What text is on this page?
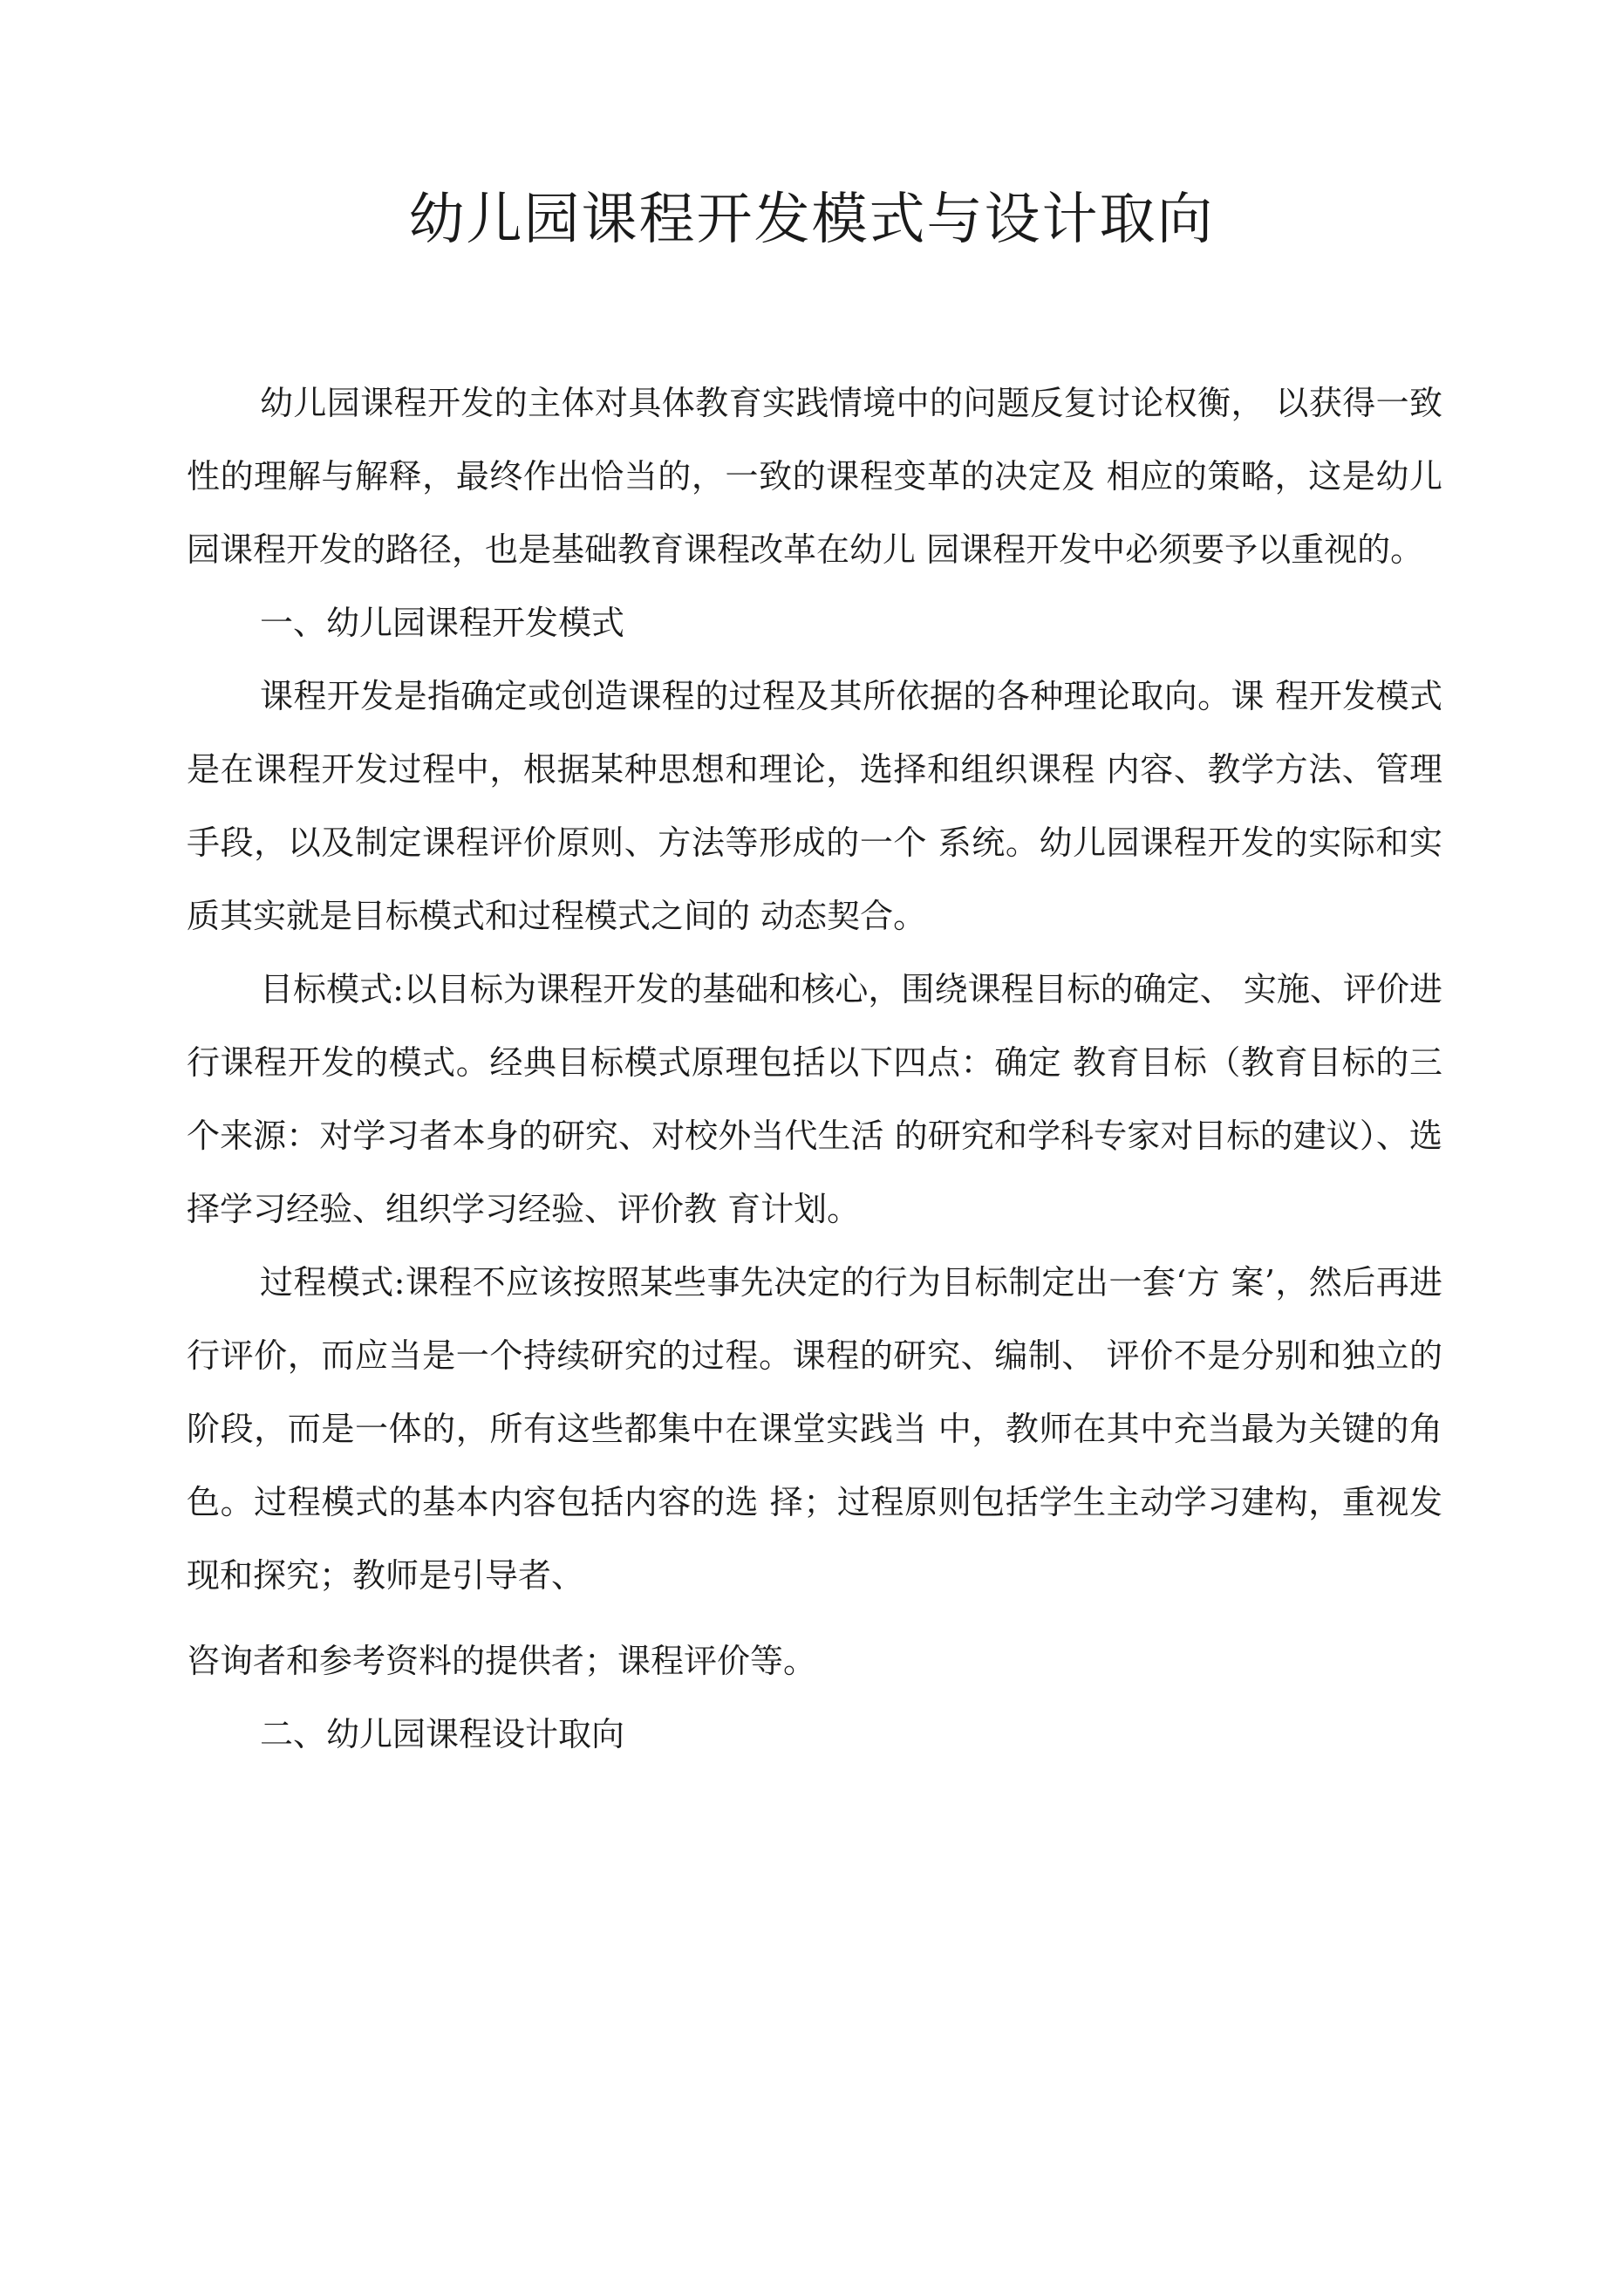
幼儿园课程开发模式与设计取向

幼儿园课程开发的主体对具体教育实践情境中的问题反复讨论权衡， 以获得一致性的理解与解释，最终作出恰当的，一致的课程变革的决定及 相应的策略，这是幼儿园课程开发的路径，也是基础教育课程改革在幼儿 园课程开发中必须要予以重视的。

一、幼儿园课程开发模式

课程开发是指确定或创造课程的过程及其所依据的各种理论取向。课 程开发模式是在课程开发过程中，根据某种思想和理论，选择和组织课程 内容、教学方法、管理手段，以及制定课程评价原则、方法等形成的一个 系统。幼儿园课程开发的实际和实质其实就是目标模式和过程模式之间的 动态契合。

目标模式:以目标为课程开发的基础和核心，围绕课程目标的确定、 实施、评价进行课程开发的模式。经典目标模式原理包括以下四点：确定 教育目标（教育目标的三个来源：对学习者本身的研究、对校外当代生活 的研究和学科专家对目标的建议）、选择学习经验、组织学习经验、评价教 育计划。

过程模式:课程不应该按照某些事先决定的行为目标制定出一套‘方 案’，然后再进行评价，而应当是一个持续研究的过程。课程的研究、编制、 评价不是分别和独立的阶段，而是一体的，所有这些都集中在课堂实践当 中，教师在其中充当最为关键的角色。过程模式的基本内容包括内容的选 择；过程原则包括学生主动学习建构，重视发现和探究；教师是引导者、

咨询者和参考资料的提供者；课程评价等。

二、幼儿园课程设计取向
